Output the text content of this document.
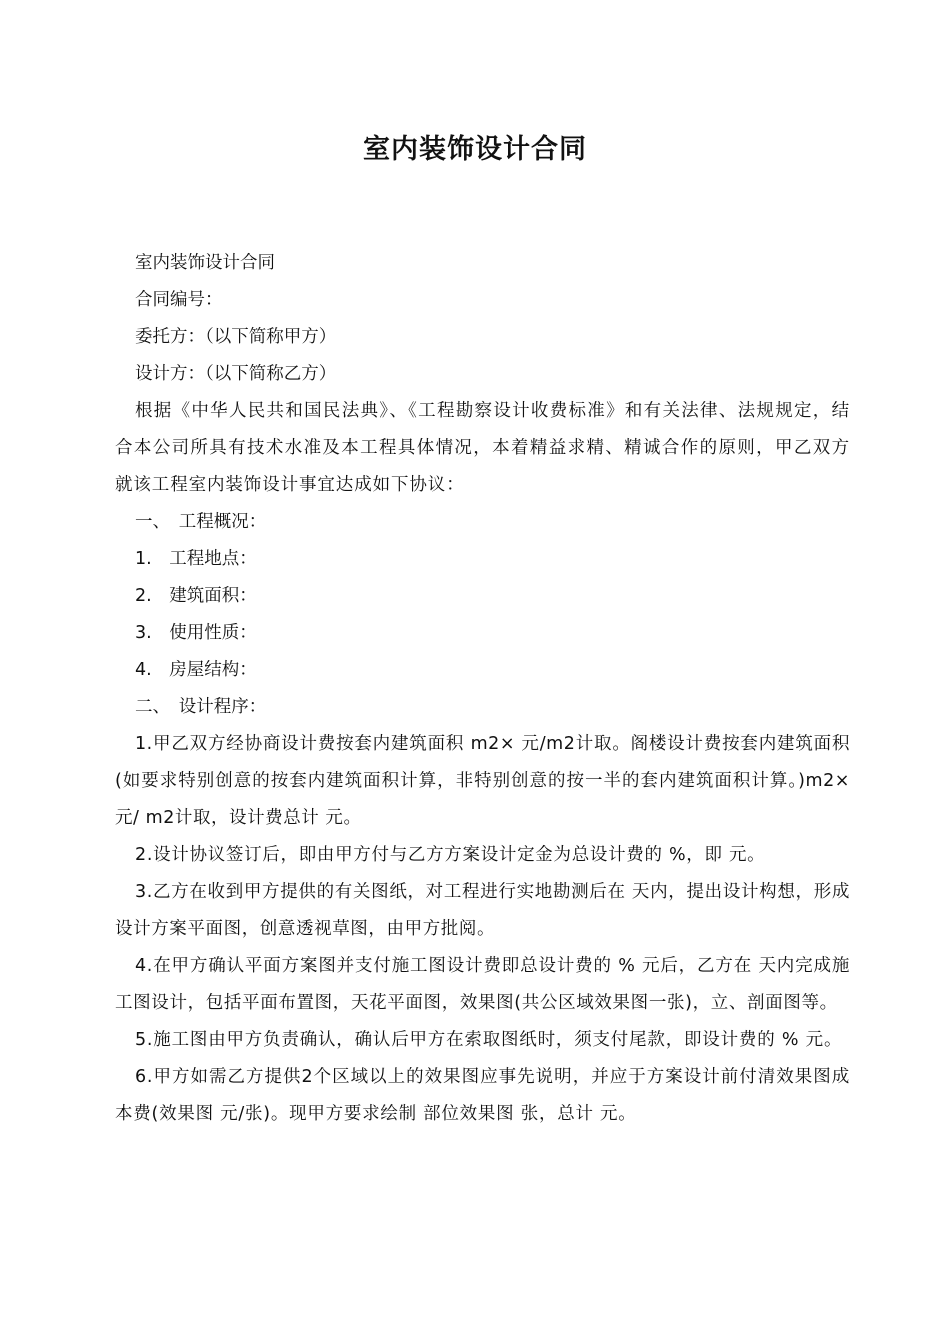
室内装饰设计合同

室内装饰设计合同

合同编号：

委托方：（以下简称甲方）

设计方：（以下简称乙方）

根据《中华人民共和国民法典》、《工程勘察设计收费标准》和有关法律、法规规定，结合本公司所具有技术水准及本工程具体情况，本着精益求精、精诚合作的原则，甲乙双方就该工程室内装饰设计事宜达成如下协议：

一、　工程概况：

1.　工程地点：

2.　建筑面积：

3.　使用性质：

4.　房屋结构：

二、　设计程序：

1.甲乙双方经协商设计费按套内建筑面积 m2× 元/m2计取。阁楼设计费按套内建筑面积(如要求特别创意的按套内建筑面积计算，非特别创意的按一半的套内建筑面积计算。)m2× 元/ m2计取，设计费总计 元。

2.设计协议签订后，即由甲方付与乙方方案设计定金为总设计费的 %，即 元。

3.乙方在收到甲方提供的有关图纸，对工程进行实地勘测后在 天内，提出设计构想，形成设计方案平面图，创意透视草图，由甲方批阅。

4.在甲方确认平面方案图并支付施工图设计费即总设计费的 % 元后，乙方在 天内完成施工图设计，包括平面布置图，天花平面图，效果图(共公区域效果图一张)，立、剖面图等。

5.施工图由甲方负责确认，确认后甲方在索取图纸时，须支付尾款，即设计费的 % 元。

6.甲方如需乙方提供2个区域以上的效果图应事先说明，并应于方案设计前付清效果图成本费(效果图 元/张)。现甲方要求绘制 部位效果图 张，总计 元。
